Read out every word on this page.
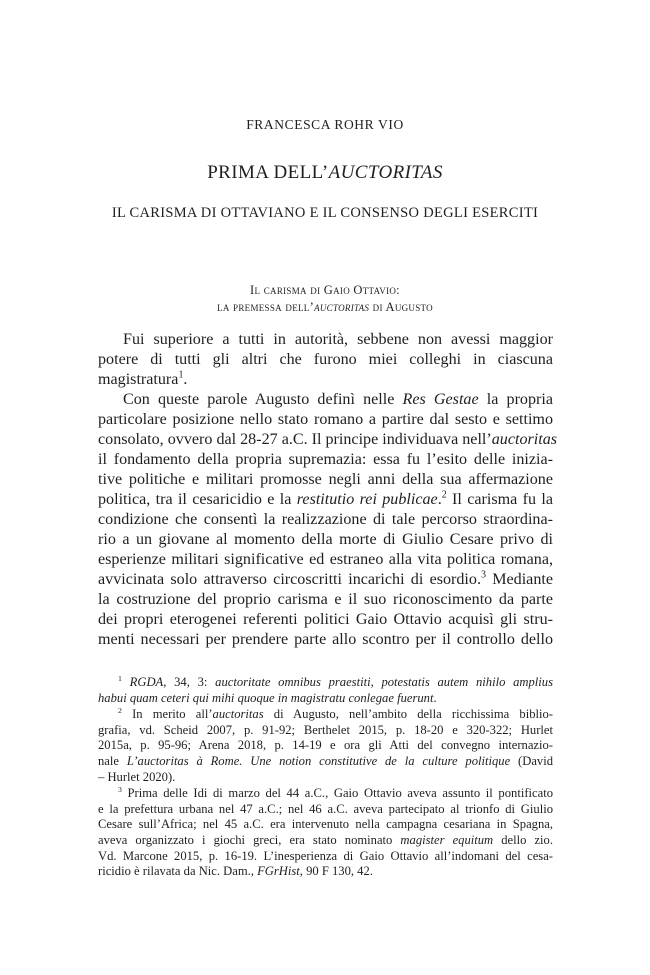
FRANCESCA ROHR VIO
PRIMA DELL’AUCTORITAS
IL CARISMA DI OTTAVIANO E IL CONSENSO DEGLI ESERCITI
Il carisma di Gaio Ottavio:
la premessa dell’auctoritas di Augusto
Fui superiore a tutti in autorità, sebbene non avessi maggior
potere di tutti gli altri che furono miei colleghi in ciascuna
magistratura$^1$.
Con queste parole Augusto definì nelle Res Gestae la propria
particolare posizione nello stato romano a partire dal sesto e settimo
consolato, ovvero dal 28-27 a.C. Il principe individuava nell’auctoritas
il fondamento della propria supremazia: essa fu l’esito delle inizia-
tive politiche e militari promosse negli anni della sua affermazione
politica, tra il cesaricidio e la restitutio rei publicae.$^2$ Il carisma fu la
condizione che consentì la realizzazione di tale percorso straordina-
rio a un giovane al momento della morte di Giulio Cesare privo di
esperienze militari significative ed estraneo alla vita politica romana,
avvicinata solo attraverso circoscritti incarichi di esordio.$^3$ Mediante
la costruzione del proprio carisma e il suo riconoscimento da parte
dei propri eterogenei referenti politici Gaio Ottavio acquisì gli stru-
menti necessari per prendere parte allo scontro per il controllo dello
$^1$ RGDA, 34, 3: auctoritate omnibus praestiti, potestatis autem nihilo amplius
habui quam ceteri qui mihi quoque in magistratu conlegae fuerunt.
$^2$ In merito all’auctoritas di Augusto, nell’ambito della ricchissima biblio-
grafia, vd. Scheid 2007, p. 91-92; Berthelet 2015, p. 18-20 e 320-322; Hurlet
2015a, p. 95-96; Arena 2018, p. 14-19 e ora gli Atti del convegno internazio-
nale L’auctoritas à Rome. Une notion constitutive de la culture politique (David
– Hurlet 2020).
$^3$ Prima delle Idi di marzo del 44 a.C., Gaio Ottavio aveva assunto il pontificato
e la prefettura urbana nel 47 a.C.; nel 46 a.C. aveva partecipato al trionfo di Giulio
Cesare sull’Africa; nel 45 a.C. era intervenuto nella campagna cesariana in Spagna,
aveva organizzato i giochi greci, era stato nominato magister equitum dello zio.
Vd. Marcone 2015, p. 16-19. L’inesperienza di Gaio Ottavio all’indomani del cesa-
ricidio è rilavata da Nic. Dam., FGrHist, 90 F 130, 42.
